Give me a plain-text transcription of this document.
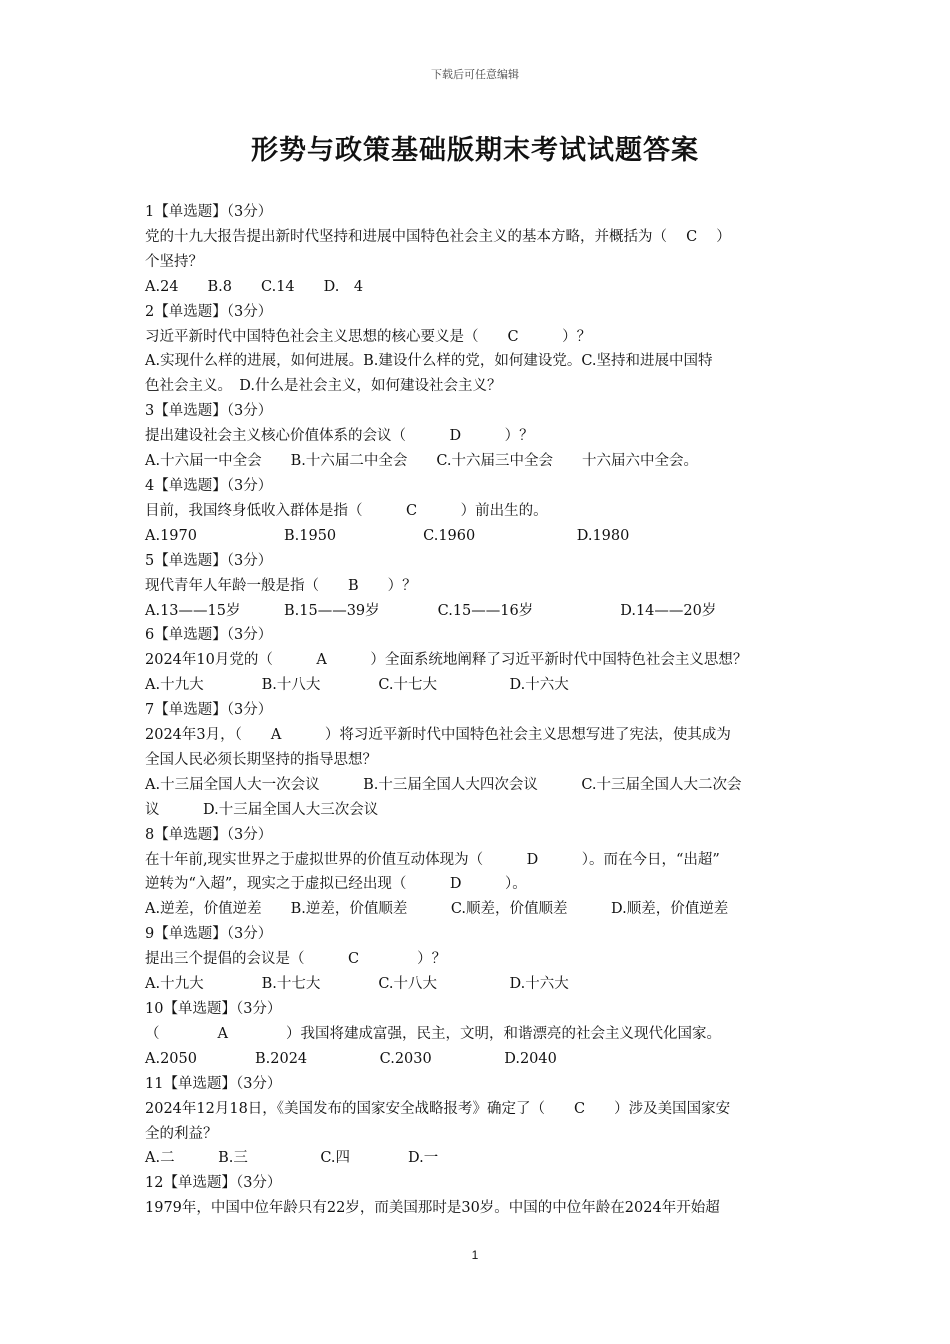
下载后可任意编辑
形势与政策基础版期末考试试题答案
1【单选题】（3分）
党的十九大报告提出新时代坚持和进展中国特色社会主义的基本方略，并概括为（　 C　 ）
个坚持？
A.24　　B.8　　C.14　　D.　4
2【单选题】（3分）
习近平新时代中国特色社会主义思想的核心要义是（　　C　　　）？
A.实现什么样的进展，如何进展。B.建设什么样的党，如何建设党。C.坚持和进展中国特
色社会主义。　D.什么是社会主义，如何建设社会主义？
3【单选题】（3分）
提出建设社会主义核心价值体系的会议（　　　D　　　）？
A.十六届一中全会　　B.十六届二中全会　　C.十六届三中全会　　十六届六中全会。
4【单选题】（3分）
目前，我国终身低收入群体是指（　　　C　　　）前出生的。
A.1970　　　　　　B.1950　　　　　　C.1960　　　　　　　D.1980
5【单选题】（3分）
现代青年人年龄一般是指（　　B　　）？
A.13——15岁　　　B.15——39岁　　　　C.15——16岁　　　　　　D.14——20岁
6【单选题】（3分）
2024年10月党的（　　　A　　　）全面系统地阐释了习近平新时代中国特色社会主义思想？
A.十九大　　　　B.十八大　　　　C.十七大　　　　　D.十六大
7【单选题】（3分）
2024年3月，（　　A　　　）将习近平新时代中国特色社会主义思想写进了宪法，使其成为
全国人民必须长期坚持的指导思想？
A.十三届全国人大一次会议　　　B.十三届全国人大四次会议　　　C.十三届全国人大二次会
议　　　D.十三届全国人大三次会议
8【单选题】（3分）
在十年前,现实世界之于虚拟世界的价值互动体现为（　　　D　　　）。而在今日，“出超”
逆转为“入超”，现实之于虚拟已经出现（　　　D　　　）。
A.逆差，价值逆差　　B.逆差，价值顺差　　　C.顺差，价值顺差　　　D.顺差，价值逆差
9【单选题】（3分）
提出三个提倡的会议是（　　　C　　　　）？
A.十九大　　　　B.十七大　　　　C.十八大　　　　　D.十六大
10【单选题】（3分）
（　　　　A　　　　）我国将建成富强，民主，文明，和谐漂亮的社会主义现代化国家。
A.2050　　　　B.2024　　　　　C.2030　　　　　D.2040
11【单选题】（3分）
2024年12月18日，《美国发布的国家安全战略报考》确定了（　　C　　）涉及美国国家安
全的利益？
A.二　　　B.三　　　　　C.四　　　　D.一
12【单选题】（3分）
1979年，中国中位年龄只有22岁，而美国那时是30岁。中国的中位年龄在2024年开始超
1
